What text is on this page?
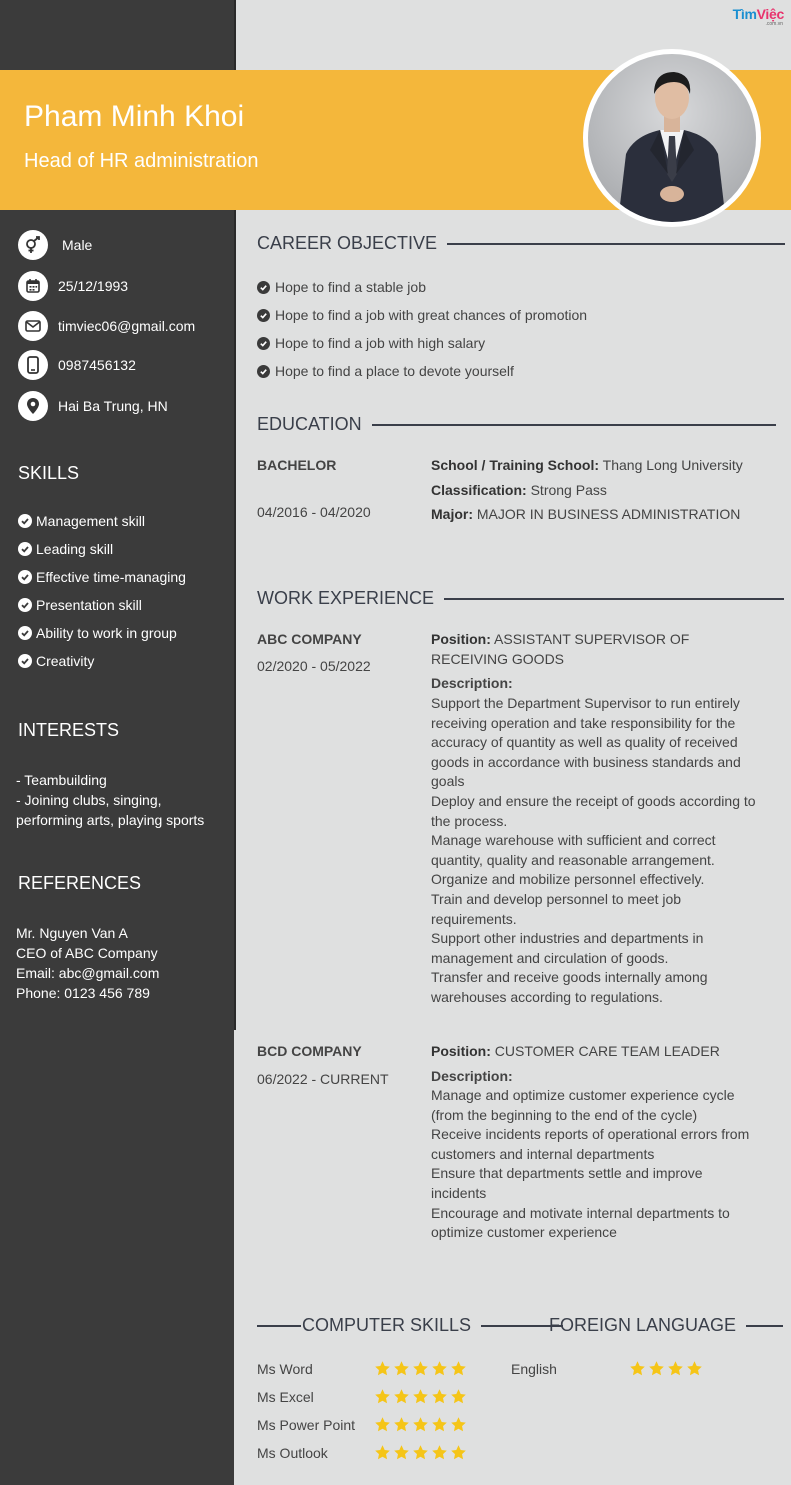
TìmViệc
.com.vn
Pham Minh Khoi
Head of HR administration
Male
25/12/1993
timviec06@gmail.com
0987456132
Hai Ba Trung, HN
SKILLS
Management skill
Leading skill
Effective time-managing
Presentation skill
Ability to work in group
Creativity
INTERESTS
- Teambuilding
- Joining clubs, singing,
performing arts, playing sports
REFERENCES
Mr. Nguyen Van A
CEO of ABC Company
Email: abc@gmail.com
Phone: 0123 456 789
CAREER OBJECTIVE
Hope to find a stable job
Hope to find a job with great chances of promotion
Hope to find a job with high salary
Hope to find a place to devote yourself
EDUCATION
BACHELOR
04/2016 - 04/2020
School / Training School: Thang Long University
Classification: Strong Pass
Major: MAJOR IN BUSINESS ADMINISTRATION
WORK EXPERIENCE
ABC COMPANY
02/2020 - 05/2022
Position: ASSISTANT SUPERVISOR OF RECEIVING GOODS
Description:
Support the Department Supervisor to run entirely receiving operation and take responsibility for the accuracy of quantity as well as quality of received goods in accordance with business standards and goals
Deploy and ensure the receipt of goods according to the process.
Manage warehouse with sufficient and correct quantity, quality and reasonable arrangement.
Organize and mobilize personnel effectively.
Train and develop personnel to meet job requirements.
Support other industries and departments in management and circulation of goods.
Transfer and receive goods internally among warehouses according to regulations.
BCD COMPANY
06/2022 - CURRENT
Position: CUSTOMER CARE TEAM LEADER
Description:
Manage and optimize customer experience cycle (from the beginning to the end of the cycle)
Receive incidents reports of operational errors from customers and internal departments
Ensure that departments settle and improve incidents
Encourage and motivate internal departments to optimize customer experience
COMPUTER SKILLS	FOREIGN LANGUAGE
Ms Word
Ms Excel
Ms Power Point
Ms Outlook
English
